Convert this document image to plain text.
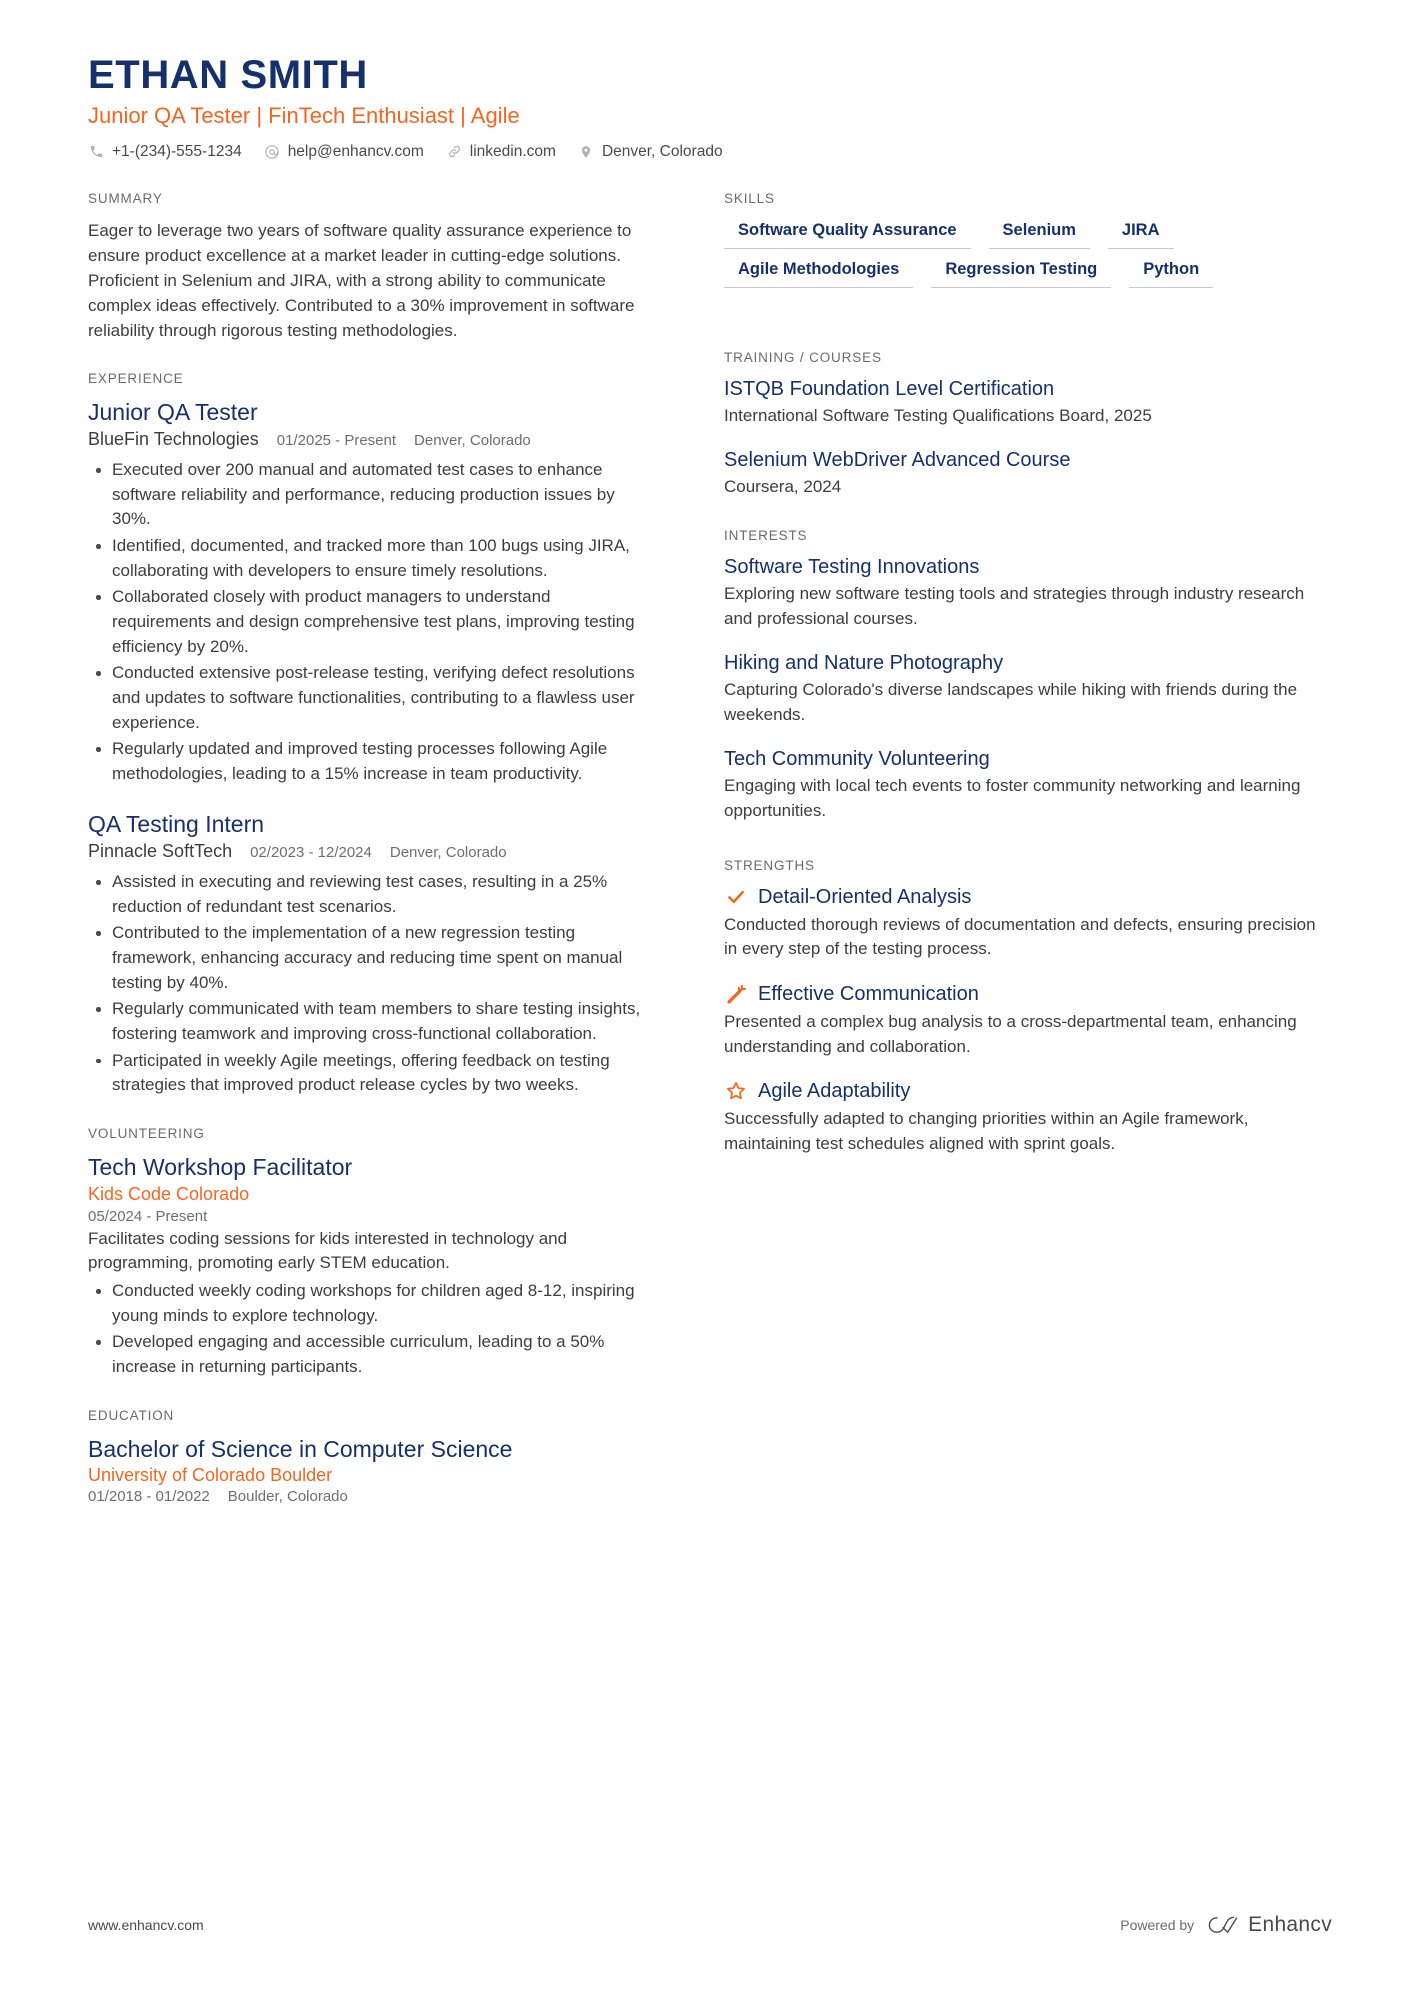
ETHAN SMITH
Junior QA Tester | FinTech Enthusiast | Agile
+1-(234)-555-1234	help@enhancv.com	linkedin.com	Denver, Colorado
SUMMARY
Eager to leverage two years of software quality assurance experience to ensure product excellence at a market leader in cutting-edge solutions. Proficient in Selenium and JIRA, with a strong ability to communicate complex ideas effectively. Contributed to a 30% improvement in software reliability through rigorous testing methodologies.
EXPERIENCE
Junior QA Tester
BlueFin Technologies 01/2025 - Present Denver, Colorado
Executed over 200 manual and automated test cases to enhance software reliability and performance, reducing production issues by 30%.
Identified, documented, and tracked more than 100 bugs using JIRA, collaborating with developers to ensure timely resolutions.
Collaborated closely with product managers to understand requirements and design comprehensive test plans, improving testing efficiency by 20%.
Conducted extensive post-release testing, verifying defect resolutions and updates to software functionalities, contributing to a flawless user experience.
Regularly updated and improved testing processes following Agile methodologies, leading to a 15% increase in team productivity.
QA Testing Intern
Pinnacle SoftTech 02/2023 - 12/2024 Denver, Colorado
Assisted in executing and reviewing test cases, resulting in a 25% reduction of redundant test scenarios.
Contributed to the implementation of a new regression testing framework, enhancing accuracy and reducing time spent on manual testing by 40%.
Regularly communicated with team members to share testing insights, fostering teamwork and improving cross-functional collaboration.
Participated in weekly Agile meetings, offering feedback on testing strategies that improved product release cycles by two weeks.
VOLUNTEERING
Tech Workshop Facilitator
Kids Code Colorado
05/2024 - Present
Facilitates coding sessions for kids interested in technology and programming, promoting early STEM education.
Conducted weekly coding workshops for children aged 8-12, inspiring young minds to explore technology.
Developed engaging and accessible curriculum, leading to a 50% increase in returning participants.
EDUCATION
Bachelor of Science in Computer Science
University of Colorado Boulder
01/2018 - 01/2022 Boulder, Colorado
SKILLS
Software Quality Assurance	Selenium	JIRA
Agile Methodologies	Regression Testing	Python
TRAINING / COURSES
ISTQB Foundation Level Certification
International Software Testing Qualifications Board, 2025
Selenium WebDriver Advanced Course
Coursera, 2024
INTERESTS
Software Testing Innovations
Exploring new software testing tools and strategies through industry research and professional courses.
Hiking and Nature Photography
Capturing Colorado's diverse landscapes while hiking with friends during the weekends.
Tech Community Volunteering
Engaging with local tech events to foster community networking and learning opportunities.
STRENGTHS
Detail-Oriented Analysis
Conducted thorough reviews of documentation and defects, ensuring precision in every step of the testing process.
Effective Communication
Presented a complex bug analysis to a cross-departmental team, enhancing understanding and collaboration.
Agile Adaptability
Successfully adapted to changing priorities within an Agile framework, maintaining test schedules aligned with sprint goals.
www.enhancv.com	Powered by	Enhancv
